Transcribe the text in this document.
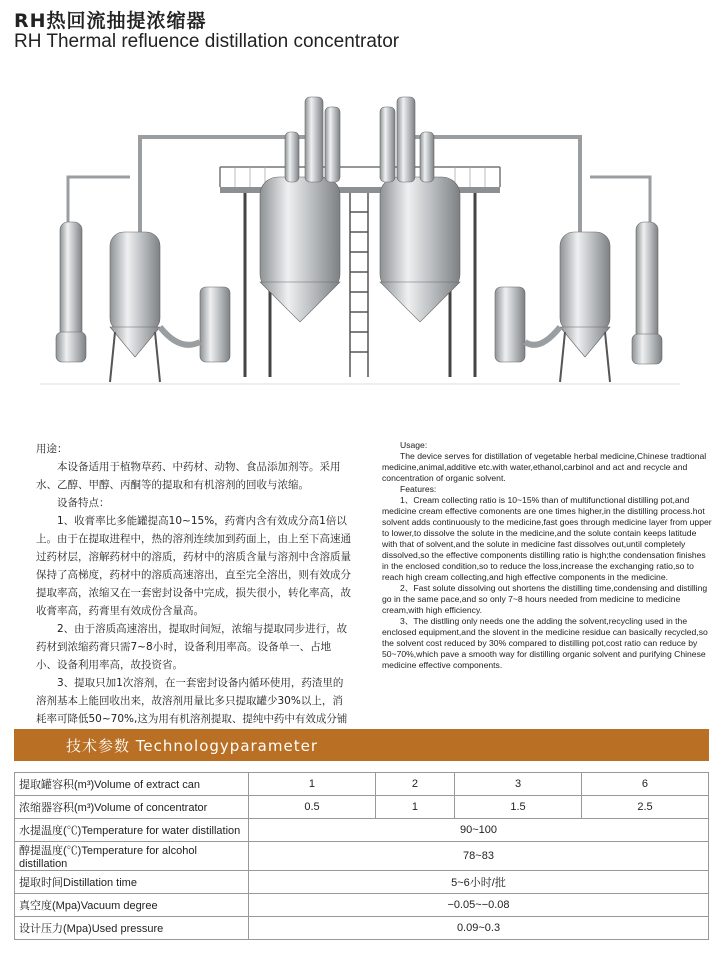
RH热回流抽提浓缩器
RH Thermal refluence distillation concentrator

用途：

本设备适用于植物草药、中药材、动物、食品添加剂等。采用水、乙醇、甲醇、丙酮等的提取和有机溶剂的回收与浓缩。

设备特点：

1、收膏率比多能罐提高10~15%，药膏内含有效成分高1倍以上。由于在提取进程中，热的溶剂连续加到药面上，由上至下高速通过药材层，溶解药材中的溶质，药材中的溶质含量与溶剂中含溶质量保持了高梯度，药材中的溶质高速溶出，直至完全溶出，则有效成分提取率高，浓缩又在一套密封设备中完成，损失很小，转化率高，故收膏率高，药膏里有效成份含量高。

2、由于溶质高速溶出，提取时间短，浓缩与提取同步进行，故药材到浓缩药膏只需7~8小时，设备利用率高。设备单一、占地小、设备利用率高，故投资省。

3、提取只加1次溶剂，在一套密封设备内循环使用，药渣里的溶剂基本上能回收出来，故溶剂用量比多只提取罐少30%以上，消耗率可降低50~70%,这为用有机溶剂提取、提纯中药中有效成分铺

Usage:

The device serves for distillation of vegetable herbal medicine,Chinese tradtional medicine,animal,additive etc.with water,ethanol,carbinol and act and recycle and concentration of organic solvent.

Features:

1、Cream collecting ratio is 10~15% than of multifunctional distilling pot,and medicine cream effective comonents are one times higher,in the distilling process.hot solvent adds continuously to the medicine,fast goes through medicine layer from upper to lower,to dissolve the solute in the medicine,and the solute contain keeps latitude with that of solvent,and the solute in medicine fast dissolves out,until completely dissolved,so the effective components distilling ratio is high;the condensation finishes in the enclosed condition,so to reduce the loss,increase the exchanging ratio,so to reach high cream collecting,and high effective components in the medicine.

2、Fast solute dissolving out shortens the distilling time,condensing and distilling go in the same pace,and so only 7~8 hours needed from medicine to medicine cream,with high efficiency.

3、The distlling only needs one the adding the solvent,recycling used in the enclosed equipment,and the slovent in the medicine residue can basically recycled,so the solvent cost reduced by 30% compared to distilling pot,cost ratio can reduce by 50~70%,which pave a smooth way for distilling organic solvent and purifying Chinese medicine effective components.

技术参数 Technologyparameter
提取罐容积(m³)Volume of extract can	1	2	3	6
浓缩器容积(m³)Volume of concentrator	0.5	1	1.5	2.5
水提温度(℃)Temperature for water distillation	90~100			
醇提温度(℃)Temperature for alcohol distillation	78~83			
提取时间Distillation time	5~6小时/批			
真空度(Mpa)Vacuum degree	−0.05~−0.08			
设计压力(Mpa)Used pressure	0.09~0.3			
